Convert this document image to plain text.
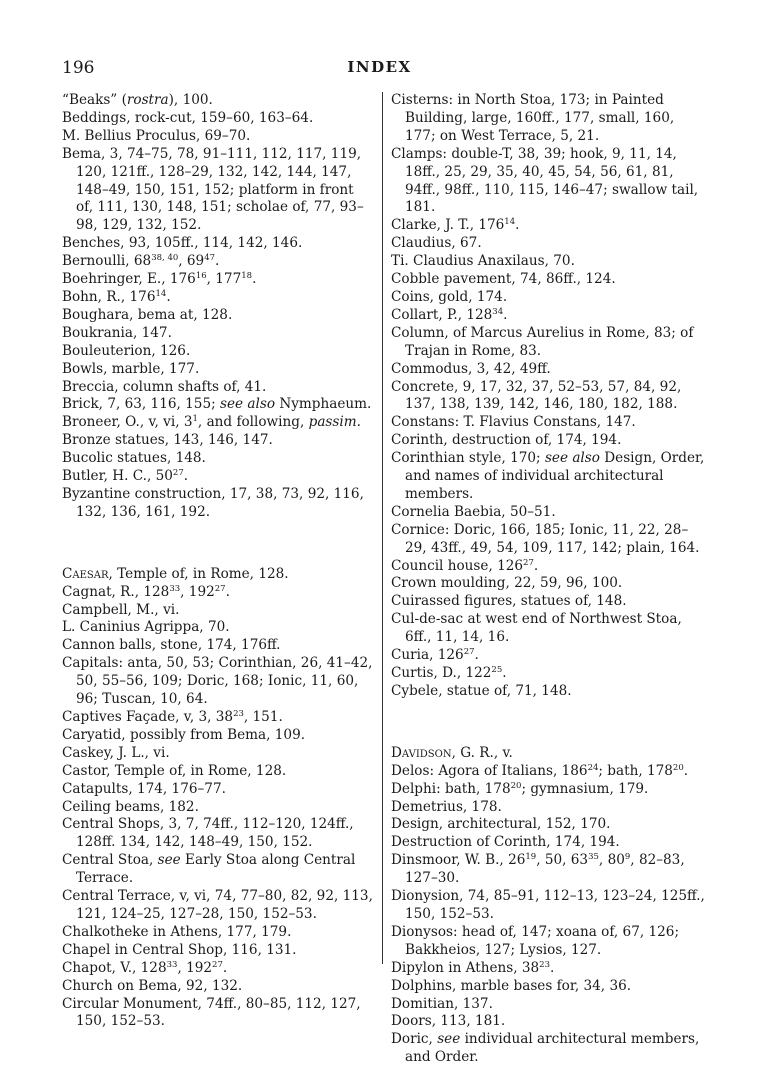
196	INDEX

“Beaks” (rostra), 100.

Beddings, rock-cut, 159–60, 163–64.

M. Bellius Proculus, 69–70.

Bema, 3, 74–75, 78, 91–111, 112, 117, 119, 120, 121ff., 128–29, 132, 142, 144, 147, 148–49, 150, 151, 152; platform in front of, 111, 130, 148, 151; scholae of, 77, 93–98, 129, 132, 152.

Benches, 93, 105ff., 114, 142, 146.

Bernoulli, 68$^{38, 40}$, $69^{47}$.

Boehringer, E., $176^{16}$, $177^{18}$.

Bohn, R., $176^{14}$.

Boughara, bema at, 128.

Boukrania, 147.

Bouleuterion, 126.

Bowls, marble, 177.

Breccia, column shafts of, 41.

Brick, 7, 63, 116, 155; see also Nymphaeum.

Broneer, O., v, vi, $3^1$, and following, passim.

Bronze statues, 143, 146, 147.

Bucolic statues, 148.

Butler, H. C., $50^{27}$.

Byzantine construction, 17, 38, 73, 92, 116, 132, 136, 161, 192.

Caesar, Temple of, in Rome, 128.

Cagnat, R., $128^{33}$, $192^{27}$.

Campbell, M., vi.

L. Caninius Agrippa, 70.

Cannon balls, stone, 174, 176ff.

Capitals: anta, 50, 53; Corinthian, 26, 41–42, 50, 55–56, 109; Doric, 168; Ionic, 11, 60, 96; Tuscan, 10, 64.

Captives Façade, v, 3, $38^{23}$, 151.

Caryatid, possibly from Bema, 109.

Caskey, J. L., vi.

Castor, Temple of, in Rome, 128.

Catapults, 174, 176–77.

Ceiling beams, 182.

Central Shops, 3, 7, 74ff., 112–120, 124ff., 128ff. 134, 142, 148–49, 150, 152.

Central Stoa, see Early Stoa along Central Terrace.

Central Terrace, v, vi, 74, 77–80, 82, 92, 113, 121, 124–25, 127–28, 150, 152–53.

Chalkotheke in Athens, 177, 179.

Chapel in Central Shop, 116, 131.

Chapot, V., $128^{33}$, $192^{27}$.

Church on Bema, 92, 132.

Circular Monument, 74ff., 80–85, 112, 127, 150, 152–53.

Cisterns: in North Stoa, 173; in Painted Building, large, 160ff., 177, small, 160, 177; on West Terrace, 5, 21.

Clamps: double-T, 38, 39; hook, 9, 11, 14, 18ff., 25, 29, 35, 40, 45, 54, 56, 61, 81, 94ff., 98ff., 110, 115, 146–47; swallow tail, 181.

Clarke, J. T., $176^{14}$.

Claudius, 67.

Ti. Claudius Anaxilaus, 70.

Cobble pavement, 74, 86ff., 124.

Coins, gold, 174.

Collart, P., $128^{34}$.

Column, of Marcus Aurelius in Rome, 83; of Trajan in Rome, 83.

Commodus, 3, 42, 49ff.

Concrete, 9, 17, 32, 37, 52–53, 57, 84, 92, 137, 138, 139, 142, 146, 180, 182, 188.

Constans: T. Flavius Constans, 147.

Corinth, destruction of, 174, 194.

Corinthian style, 170; see also Design, Order, and names of individual architectural members.

Cornelia Baebia, 50–51.

Cornice: Doric, 166, 185; Ionic, 11, 22, 28–29, 43ff., 49, 54, 109, 117, 142; plain, 164.

Council house, $126^{27}$.

Crown moulding, 22, 59, 96, 100.

Cuirassed figures, statues of, 148.

Cul-de-sac at west end of Northwest Stoa, 6ff., 11, 14, 16.

Curia, $126^{27}$.

Curtis, D., $122^{25}$.

Cybele, statue of, 71, 148.

Davidson, G. R., v.

Delos: Agora of Italians, $186^{24}$; bath, $178^{20}$.

Delphi: bath, $178^{20}$; gymnasium, 179.

Demetrius, 178.

Design, architectural, 152, 170.

Destruction of Corinth, 174, 194.

Dinsmoor, W. B., $26^{19}$, 50, $63^{35}$, $80^9$, 82–83, 127–30.

Dionysion, 74, 85–91, 112–13, 123–24, 125ff., 150, 152–53.

Dionysos: head of, 147; xoana of, 67, 126; Bakkheios, 127; Lysios, 127.

Dipylon in Athens, $38^{23}$.

Dolphins, marble bases for, 34, 36.

Domitian, 137.

Doors, 113, 181.

Doric, see individual architectural members, and Order.
